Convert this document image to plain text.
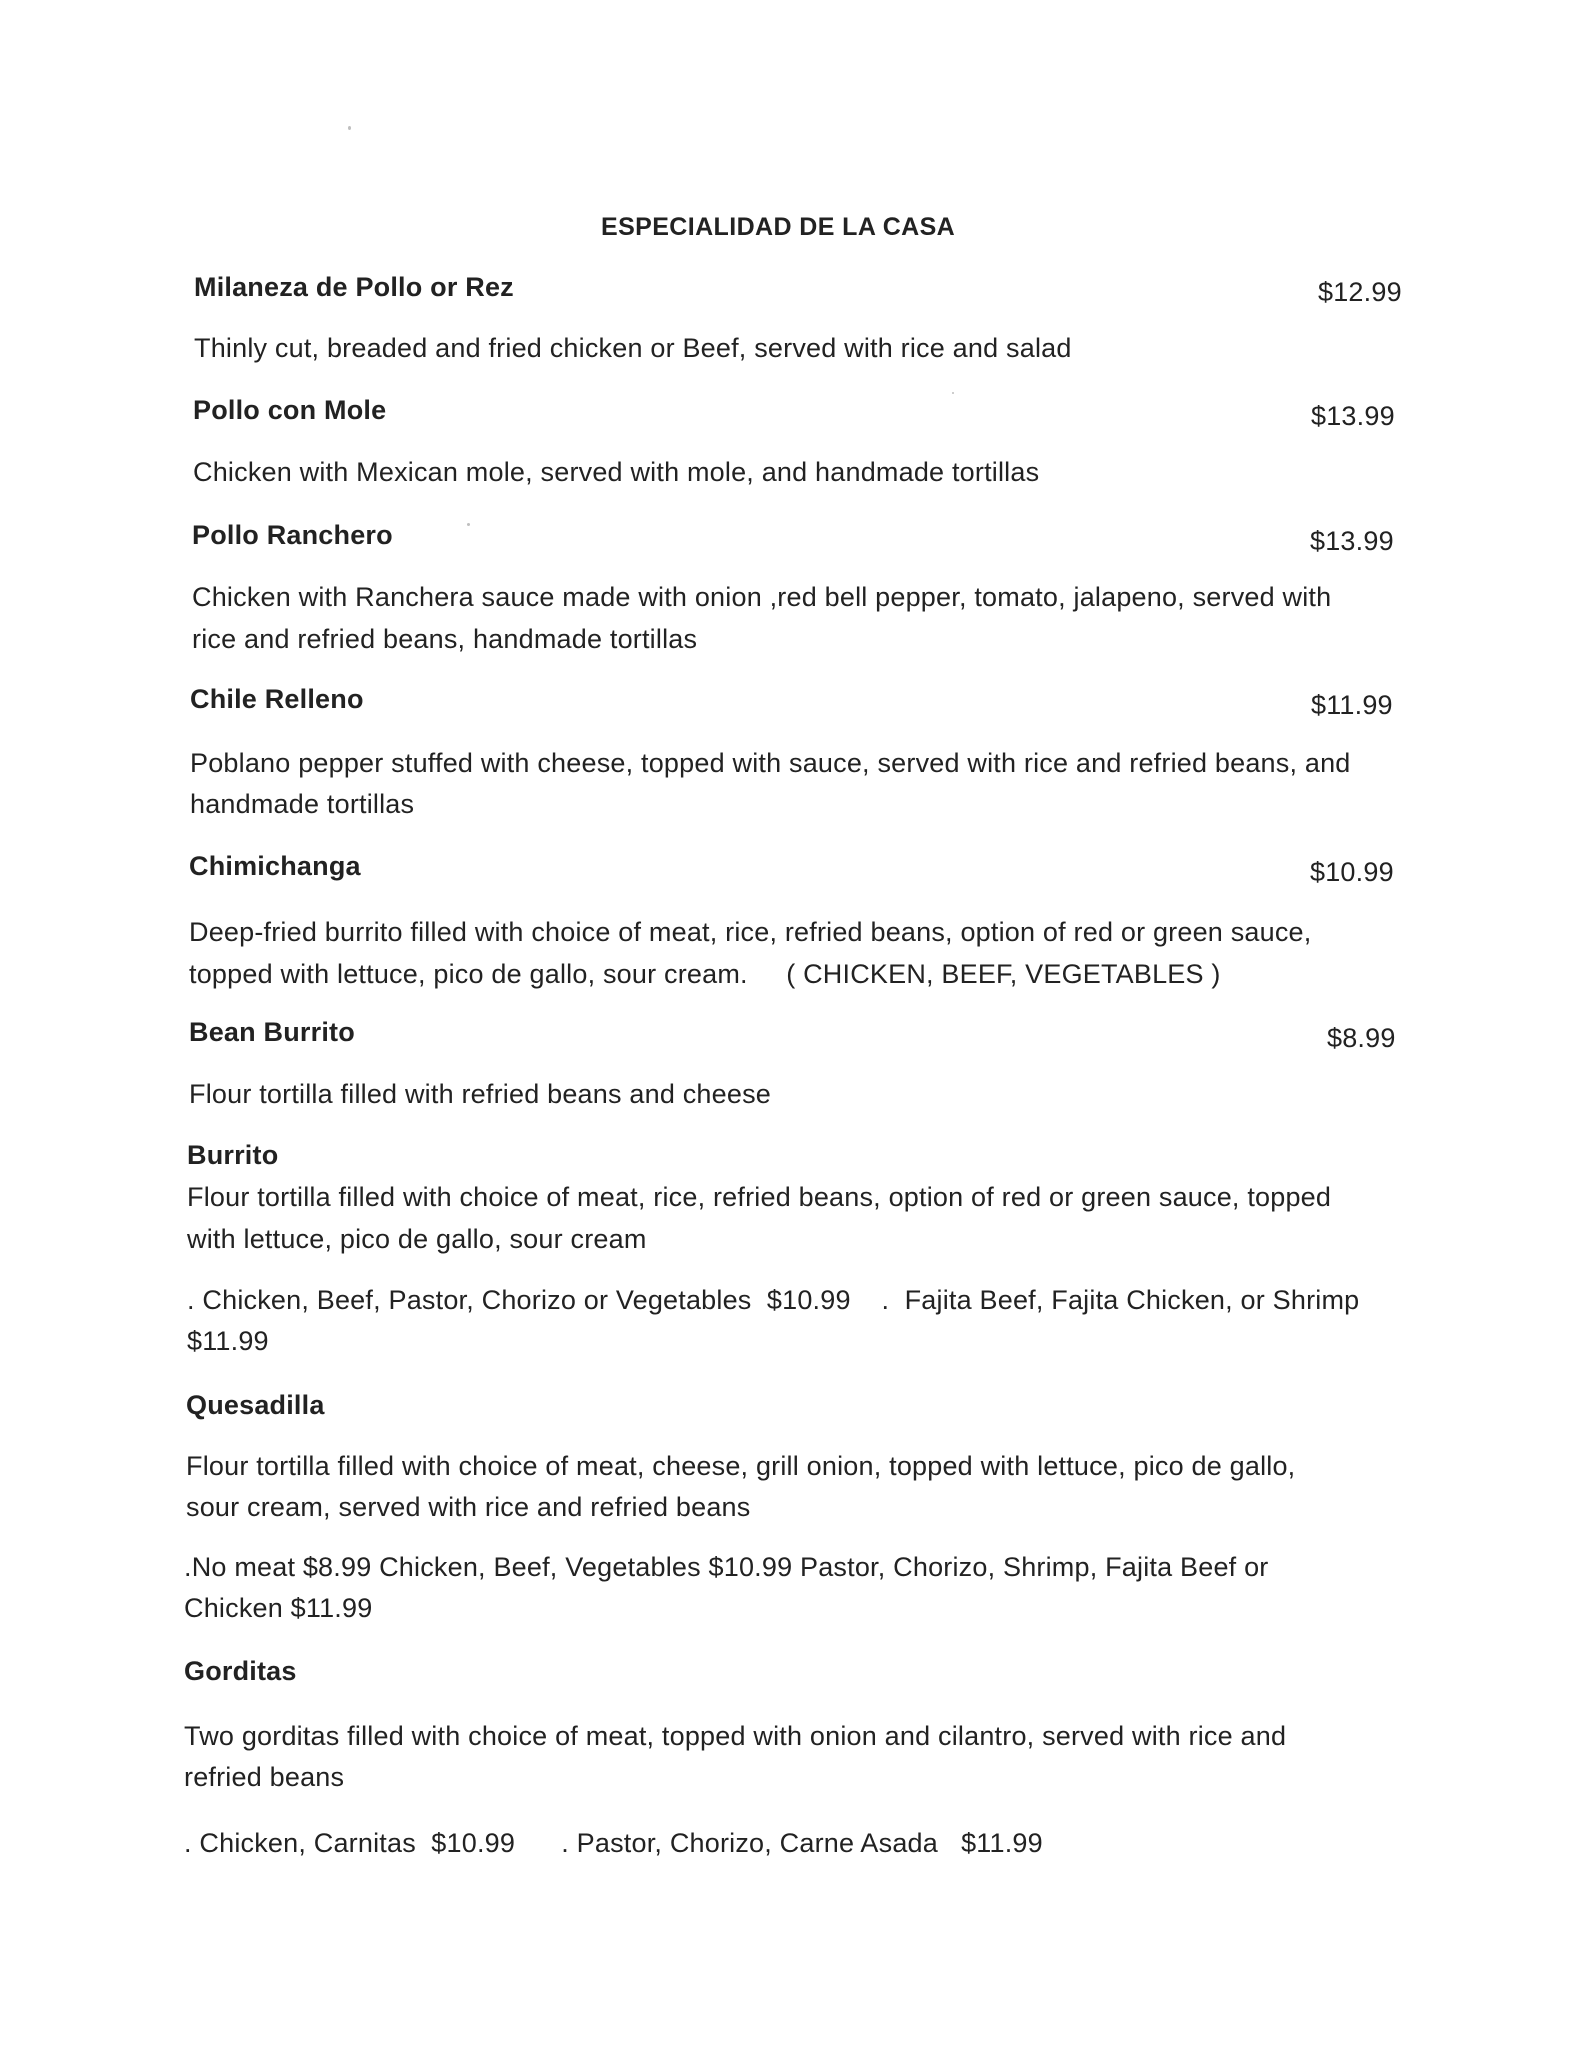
ESPECIALIDAD DE LA CASA
Milaneza de Pollo or Rez	$12.99
Thinly cut, breaded and fried chicken or Beef, served with rice and salad
Pollo con Mole	$13.99
Chicken with Mexican mole, served with mole, and handmade tortillas
Pollo Ranchero	$13.99
Chicken with Ranchera sauce made with onion ,red bell pepper, tomato, jalapeno, served with
rice and refried beans, handmade tortillas
Chile Relleno	$11.99
Poblano pepper stuffed with cheese, topped with sauce, served with rice and refried beans, and
handmade tortillas
Chimichanga	$10.99
Deep-fried burrito filled with choice of meat, rice, refried beans, option of red or green sauce,
topped with lettuce, pico de gallo, sour cream.     ( CHICKEN, BEEF, VEGETABLES )
Bean Burrito	$8.99
Flour tortilla filled with refried beans and cheese
Burrito
Flour tortilla filled with choice of meat, rice, refried beans, option of red or green sauce, topped
with lettuce, pico de gallo, sour cream
. Chicken, Beef, Pastor, Chorizo or Vegetables  $10.99    .  Fajita Beef, Fajita Chicken, or Shrimp
$11.99
Quesadilla
Flour tortilla filled with choice of meat, cheese, grill onion, topped with lettuce, pico de gallo,
sour cream, served with rice and refried beans
.No meat $8.99 Chicken, Beef, Vegetables $10.99 Pastor, Chorizo, Shrimp, Fajita Beef or
Chicken $11.99
Gorditas
Two gorditas filled with choice of meat, topped with onion and cilantro, served with rice and
refried beans
. Chicken, Carnitas  $10.99      . Pastor, Chorizo, Carne Asada   $11.99
